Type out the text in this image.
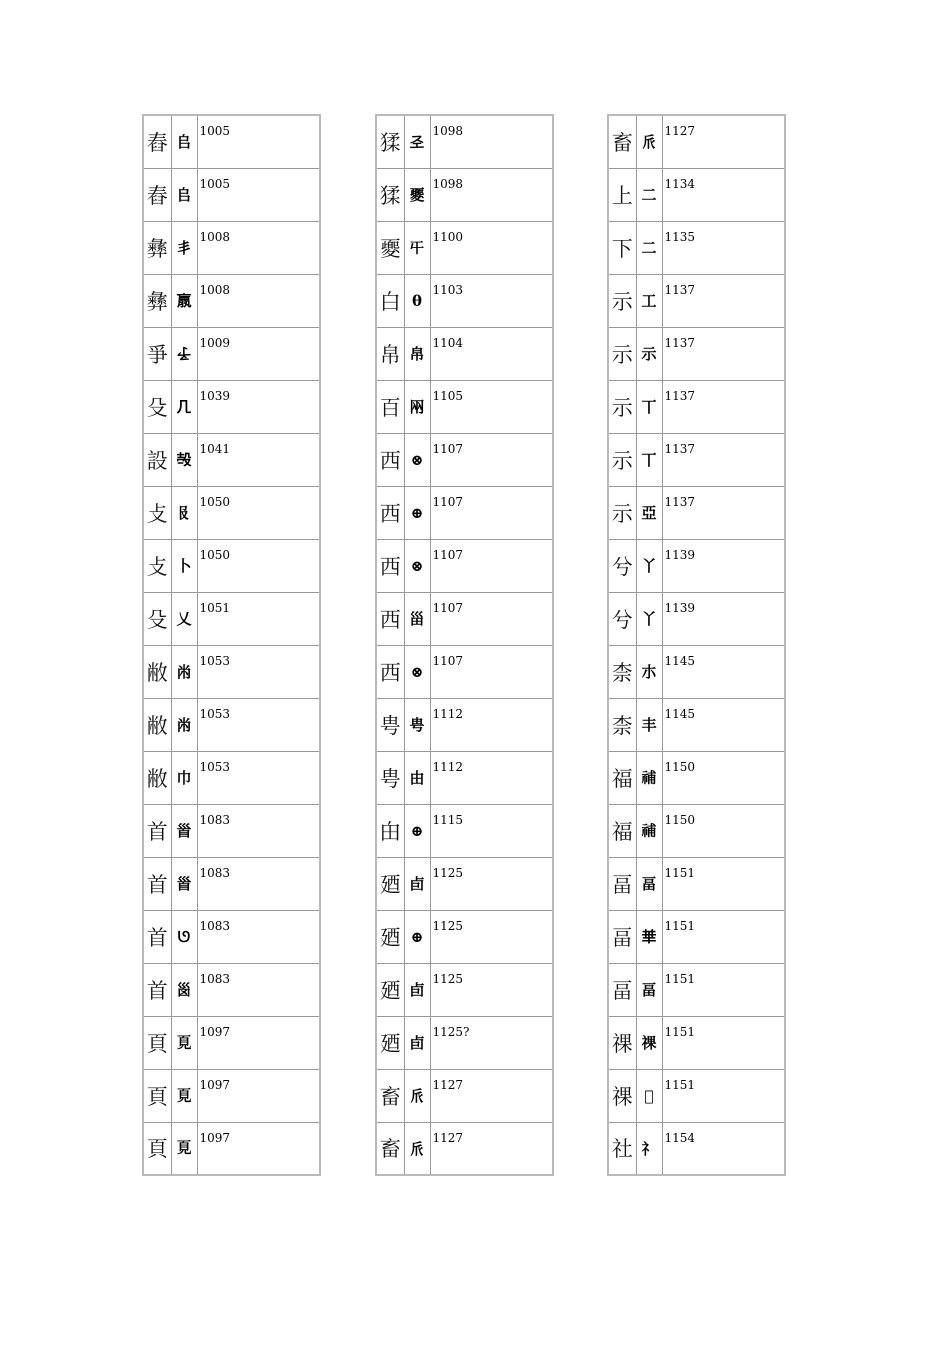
舂	𠂤	1005
舂	𠂤	1005
彝	丯	1008
彝	𣎆	1008
爭	𠄔	1009
殳	𠘧	1039
設	𣪊	1041
攴	𠬝	1050
攴	卜	1050
殳	乂	1051
敝	㡀	1053
敝	㡀	1053
敝	巾	1053
首	𩠐	1083
首	𩠐	1083
首	ᘎ	1083
首	𡿺	1083
頁	𩑋	1097
頁	𩑋	1097
頁	𩑋	1097
猱	𢀖	1098
猱	夒	1098
夒	𡕒	1100
白	θ	1103
帛	帛	1104
百	㒳	1105
西	⊗	1107
西	⊕	1107
西	⊗	1107
西	甾	1107
西	⊗	1107
甹	甹	1112
甹	由	1112
甶	⊕	1115
廼	卣	1125
廼	⊕	1125
廼	卣	1125
廼	卣	1125?
畜	𠂢	1127
畜	𠂢	1127
畜	𠂢	1127
上	二	1134
下	⼆	1135
示	工	1137
示	示	1137
示	丅	1137
示	丅	1137
示	亞	1137
兮	丫	1139
兮	丫	1139
柰	朩	1145
柰	丰	1145
福	𥙷	1150
福	𥙷	1150
畐	畐	1151
畐	𠦒	1151
畐	畐	1151
祼	祼	1151
祼	𥙚	1151
社	礻	1154
